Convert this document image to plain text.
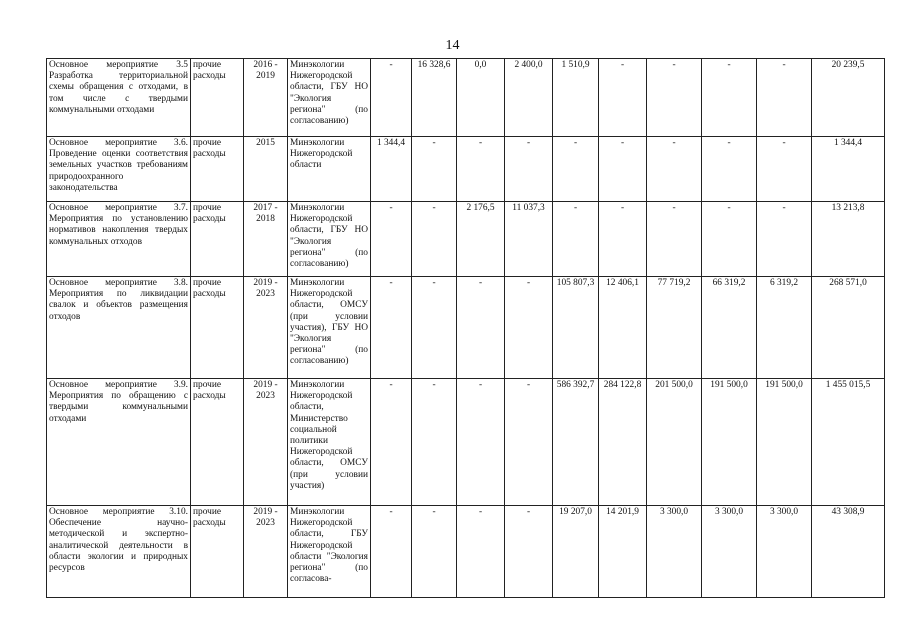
14
Основное мероприятие 3.5 Разработка территориальной схемы обращения с отходами, в том числе с твердыми коммунальными отходами	прочие расходы	2016 - 2019	Минэкологии Нижегородской области, ГБУ НО "Экология региона" (по согласованию)	-	16 328,6	0,0	2 400,0	1 510,9	-	-	-	-	20 239,5
Основное мероприятие 3.6. Проведение оценки соответствия земельных участков требованиям природоохранного законодательства	прочие расходы	2015	Минэкологии Нижегородской области	1 344,4	-	-	-	-	-	-	-	-	1 344,4
Основное мероприятие 3.7. Мероприятия по установлению нормативов накопления твердых коммунальных отходов	прочие расходы	2017 - 2018	Минэкологии Нижегородской области, ГБУ НО "Экология региона" (по согласованию)	-	-	2 176,5	11 037,3	-	-	-	-	-	13 213,8
Основное мероприятие 3.8. Мероприятия по ликвидации свалок и объектов размещения отходов	прочие расходы	2019 - 2023	Минэкологии Нижегородской области, ОМСУ (при условии участия), ГБУ НО "Экология региона" (по согласованию)	-	-	-	-	105 807,3	12 406,1	77 719,2	66 319,2	6 319,2	268 571,0
Основное мероприятие 3.9. Мероприятия по обращению с твердыми коммунальными отходами	прочие расходы	2019 - 2023	Минэкологии Нижегородской области, Министерство социальной политики Нижегородской области, ОМСУ (при условии участия)	-	-	-	-	586 392,7	284 122,8	201 500,0	191 500,0	191 500,0	1 455 015,5
Основное мероприятие 3.10. Обеспечение научно-методической и экспертно-аналитической деятельности в области экологии и природных ресурсов	прочие расходы	2019 - 2023	Минэкологии Нижегородской области, ГБУ Нижегородской области "Экология региона" (по согласова-	-	-	-	-	19 207,0	14 201,9	3 300,0	3 300,0	3 300,0	43 308,9
